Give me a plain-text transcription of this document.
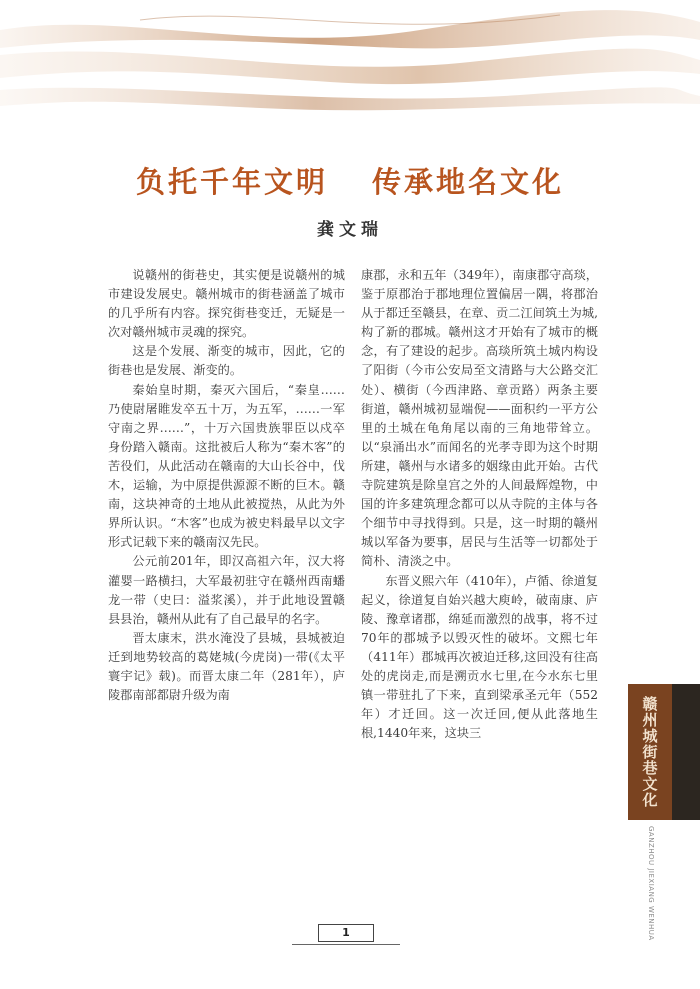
负托千年文明 传承地名文化
龚文瑞

说赣州的街巷史，其实便是说赣州的城市建设发展史。赣州城市的街巷涵盖了城市的几乎所有内容。探究街巷变迁，无疑是一次对赣州城市灵魂的探究。

这是个发展、渐变的城市，因此，它的街巷也是发展、渐变的。

秦始皇时期，秦灭六国后，“秦皇……乃使尉屠睢发卒五十万，为五军，……一军守南之界……”，十万六国贵族罪臣以戍卒身份踏入赣南。这批被后人称为“秦木客”的苦役们，从此活动在赣南的大山长谷中，伐木，运输，为中原提供源源不断的巨木。赣南，这块神奇的土地从此被搅热，从此为外界所认识。“木客”也成为被史料最早以文字形式记载下来的赣南汉先民。

公元前201年，即汉高祖六年，汉大将灌婴一路横扫，大军最初驻守在赣州西南蟠龙一带（史曰：溢浆溪），并于此地设置赣县县治，赣州从此有了自己最早的名字。

晋太康末，洪水淹没了县城，县城被迫迁到地势较高的葛姥城(今虎岗)一带(《太平寰宇记》载)。而晋太康二年（281年），庐陵郡南部都尉升级为南

康郡，永和五年（349年），南康郡守高琰，鉴于原郡治于郡地理位置偏居一隅，将郡治从于都迁至赣县，在章、贡二江间筑土为城,构了新的郡城。赣州这才开始有了城市的概念，有了建设的起步。高琰所筑土城内构设了阳街（今市公安局至文清路与大公路交汇处）、横街（今西津路、章贡路）两条主要街道，赣州城初显端倪——面积约一平方公里的土城在龟角尾以南的三角地带耸立。以“泉涌出水”而闻名的光孝寺即为这个时期所建，赣州与水诸多的姻缘由此开始。古代寺院建筑是除皇宫之外的人间最辉煌物，中国的许多建筑理念都可以从寺院的主体与各个细节中寻找得到。只是，这一时期的赣州城以军备为要事，居民与生活等一切都处于简朴、清淡之中。

东晋义熙六年（410年），卢循、徐道复起义，徐道复自始兴越大庾岭，破南康、庐陵、豫章诸郡，绵延而激烈的战事，将不过70年的郡城予以毁灭性的破坏。文熙七年（411年）郡城再次被迫迁移,这回没有往高处的虎岗走,而是溯贡水七里,在今水东七里镇一带驻扎了下来，直到梁承圣元年（552年）才迁回。这一次迁回,便从此落地生根,1440年来，这块三	赣州城街巷文化
GANZHOU JIEXIANG WENHUA
1
